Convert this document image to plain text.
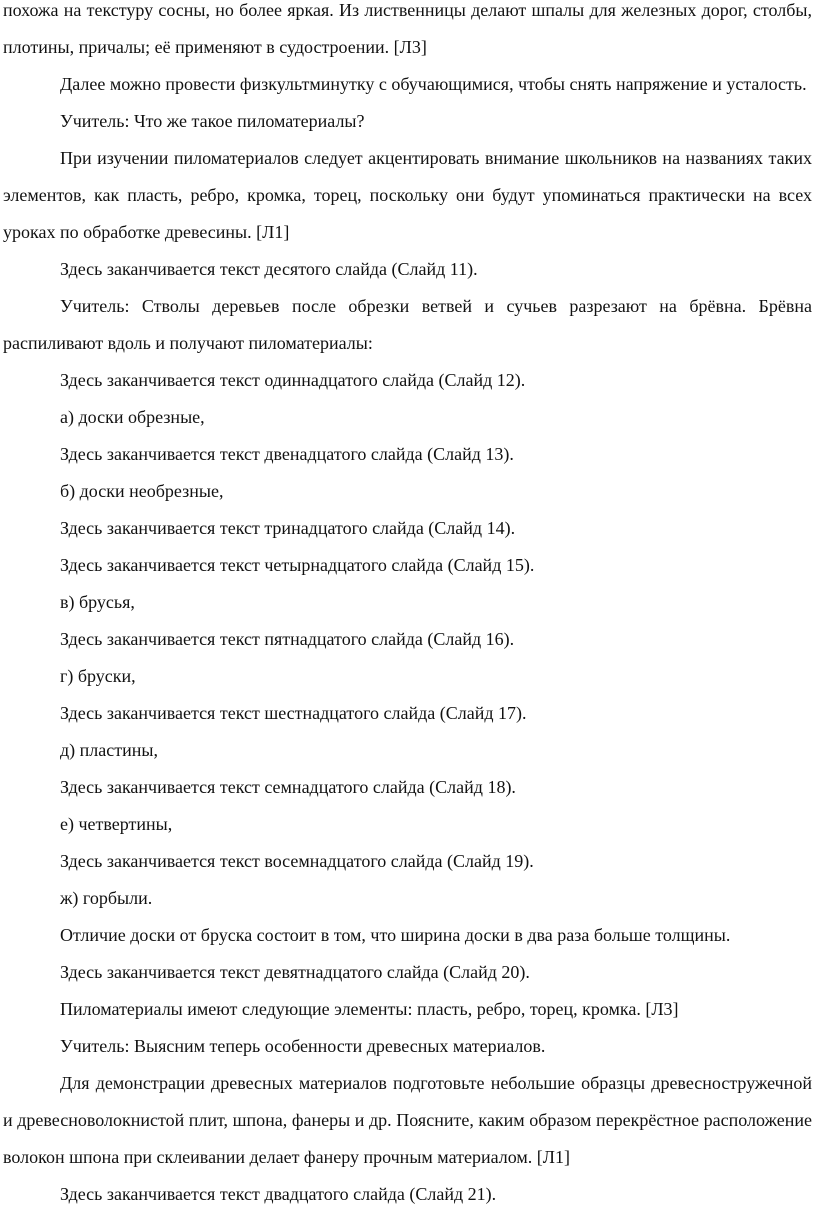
похожа на текстуру сосны, но более яркая. Из лиственницы делают шпалы для железных дорог, столбы, плотины, причалы; её применяют в судостроении. [Л3]

Далее можно провести физкультминутку с обучающимися, чтобы снять напряжение и усталость.

Учитель: Что же такое пиломатериалы?

При изучении пиломатериалов следует акцентировать внимание школьников на названиях таких элементов, как пласть, ребро, кромка, торец, поскольку они будут упоминаться практически на всех уроках по обработке древесины. [Л1]

Здесь заканчивается текст десятого слайда (Слайд 11).

Учитель: Стволы деревьев после обрезки ветвей и сучьев разрезают на брёвна. Брёвна распиливают вдоль и получают пиломатериалы:

Здесь заканчивается текст одиннадцатого слайда (Слайд 12).

а) доски обрезные,

Здесь заканчивается текст двенадцатого слайда (Слайд 13).

б) доски необрезные,

Здесь заканчивается текст тринадцатого слайда (Слайд 14).

Здесь заканчивается текст четырнадцатого слайда (Слайд 15).

в) брусья,

Здесь заканчивается текст пятнадцатого слайда (Слайд 16).

г) бруски,

Здесь заканчивается текст шестнадцатого слайда (Слайд 17).

д) пластины,

Здесь заканчивается текст семнадцатого слайда (Слайд 18).

е) четвертины,

Здесь заканчивается текст восемнадцатого слайда (Слайд 19).

ж) горбыли.

Отличие доски от бруска состоит в том, что ширина доски в два раза больше толщины.

Здесь заканчивается текст девятнадцатого слайда (Слайд 20).

Пиломатериалы имеют следующие элементы: пласть, ребро, торец, кромка. [Л3]

Учитель: Выясним теперь особенности древесных материалов.

Для демонстрации древесных материалов подготовьте небольшие образцы древесностружечной и древесноволокнистой плит, шпона, фанеры и др. Поясните, каким образом перекрёстное расположение волокон шпона при склеивании делает фанеру прочным материалом. [Л1]

Здесь заканчивается текст двадцатого слайда (Слайд 21).
